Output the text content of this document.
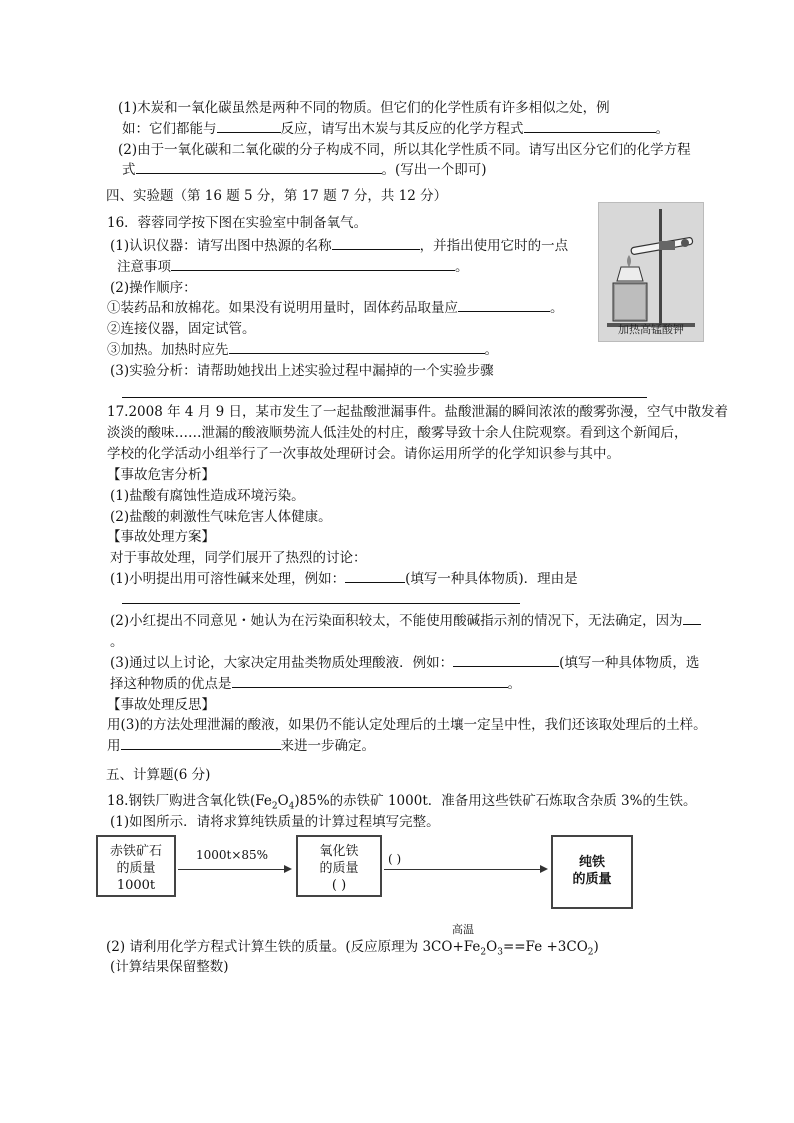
(1)木炭和一氧化碳虽然是两种不同的物质。但它们的化学性质有许多相似之处，例
如：它们都能与	反应，请写出木炭与其反应的化学方程式	。
(2)由于一氧化碳和二氧化碳的分子构成不同，所以其化学性质不同。请写出区分它们的化学方程
式	。(写出一个即可)
四、实验题（第 16 题 5 分，第 17 题 7 分，共 12 分）
16．蓉蓉同学按下图在实验室中制备氧气。
(1)认识仪器：请写出图中热源的名称	，并指出使用它时的一点
注意事项	。
(2)操作顺序：
①装药品和放棉花。如果没有说明用量时，固体药品取量应	。
②连接仪器，固定试管。
③加热。加热时应先	。
(3)实验分析：请帮助她找出上述实验过程中漏掉的一个实验步骤
加热高锰酸钾
17.2008 年 4 月 9 日，某市发生了一起盐酸泄漏事件。盐酸泄漏的瞬间浓浓的酸雾弥漫，空气中散发着
淡淡的酸味……泄漏的酸液顺势流人低洼处的村庄，酸雾导致十余人住院观察。看到这个新闻后，
学校的化学活动小组举行了一次事故处理研讨会。请你运用所学的化学知识参与其中。
【事故危害分析】
(1)盐酸有腐蚀性造成环境污染。
(2)盐酸的刺激性气味危害人体健康。
【事故处理方案】
对于事故处理，同学们展开了热烈的讨论：
(1)小明提出用可溶性碱来处理，例如：	(填写一种具体物质)．理由是
(2)小红提出不同意见・她认为在污染面积较太，不能使用酸碱指示剂的情况下，无法确定，因为
。
(3)通过以上讨论，大家决定用盐类物质处理酸液．例如：	(填写一种具体物质，选
择这种物质的优点是	。
【事故处理反思】
用(3)的方法处理泄漏的酸液，如果仍不能认定处理后的土壤一定呈中性，我们还该取处理后的土样。
用	来进一步确定。
五、计算题(6 分)
18.钢铁厂购进含氧化铁$(Fe_2O_4)85\%$的赤铁矿 1000t．准备用这些铁矿石炼取含杂质 3%的生铁。
(1)如图所示．请将求算纯铁质量的计算过程填写完整。
赤铁矿石
的质量
1000t
1000t×85%	氧化铁
的质量
( )
( )	纯铁
的质量
高温
(2) 请利用化学方程式计算生铁的质量。(反应原理为 $3CO+Fe_2O_3==Fe +3CO_2$)
(计算结果保留整数)
